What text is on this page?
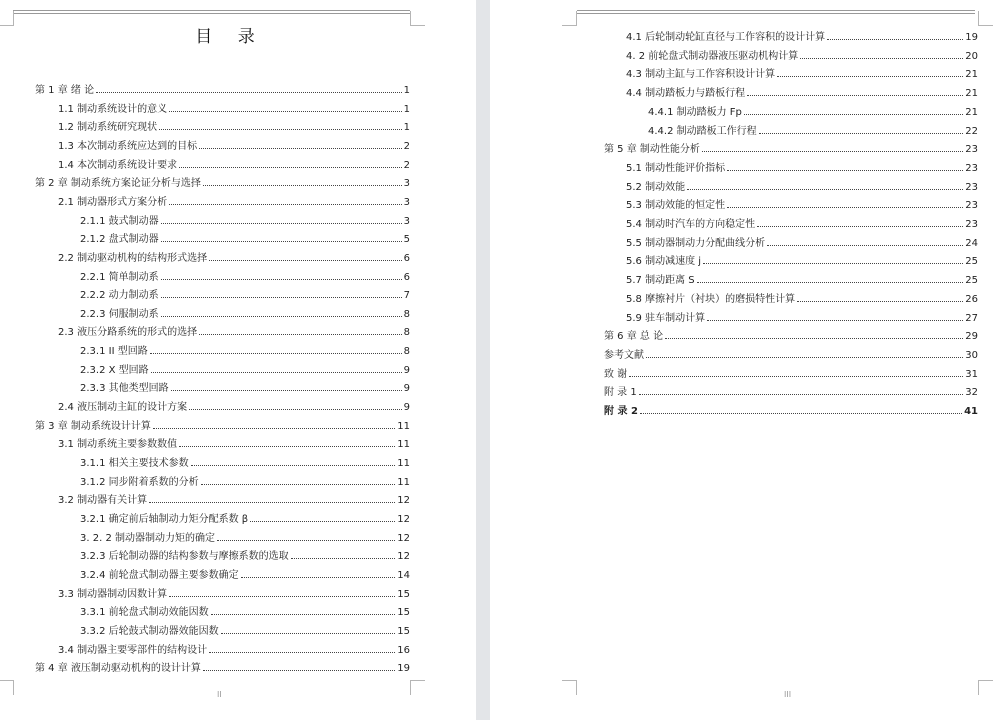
目 录
第 1 章 绪 论	1
1.1 制动系统设计的意义	1
1.2 制动系统研究现状	1
1.3 本次制动系统应达到的目标	2
1.4 本次制动系统设计要求	2
第 2 章 制动系统方案论证分析与选择	3
2.1 制动器形式方案分析	3
2.1.1 鼓式制动器	3
2.1.2 盘式制动器	5
2.2 制动驱动机构的结构形式选择	6
2.2.1 简单制动系	6
2.2.2 动力制动系	7
2.2.3 伺服制动系	8
2.3 液压分路系统的形式的选择	8
2.3.1 II 型回路	8
2.3.2 X 型回路	9
2.3.3 其他类型回路	9
2.4 液压制动主缸的设计方案	9
第 3 章 制动系统设计计算	11
3.1 制动系统主要参数数值	11
3.1.1 相关主要技术参数	11
3.1.2 同步附着系数的分析	11
3.2 制动器有关计算	12
3.2.1 确定前后轴制动力矩分配系数 β	12
3. 2. 2 制动器制动力矩的确定	12
3.2.3 后轮制动器的结构参数与摩擦系数的选取	12
3.2.4 前轮盘式制动器主要参数确定	14
3.3 制动器制动因数计算	15
3.3.1 前轮盘式制动效能因数	15
3.3.2 后轮鼓式制动器效能因数	15
3.4 制动器主要零部件的结构设计	16
第 4 章 液压制动驱动机构的设计计算	19
II
4.1 后轮制动轮缸直径与工作容积的设计计算	19
4. 2 前轮盘式制动器液压驱动机构计算	20
4.3 制动主缸与工作容积设计计算	21
4.4 制动踏板力与踏板行程	21
4.4.1 制动踏板力 Fp	21
4.4.2 制动踏板工作行程	22
第 5 章 制动性能分析	23
5.1 制动性能评价指标	23
5.2 制动效能	23
5.3 制动效能的恒定性	23
5.4 制动时汽车的方向稳定性	23
5.5 制动器制动力分配曲线分析	24
5.6 制动减速度 j	25
5.7 制动距离 S	25
5.8 摩擦衬片（衬块）的磨损特性计算	26
5.9 驻车制动计算	27
第 6 章 总 论	29
参考文献	30
致 谢	31
附 录 1	32
附 录 2	41
III
